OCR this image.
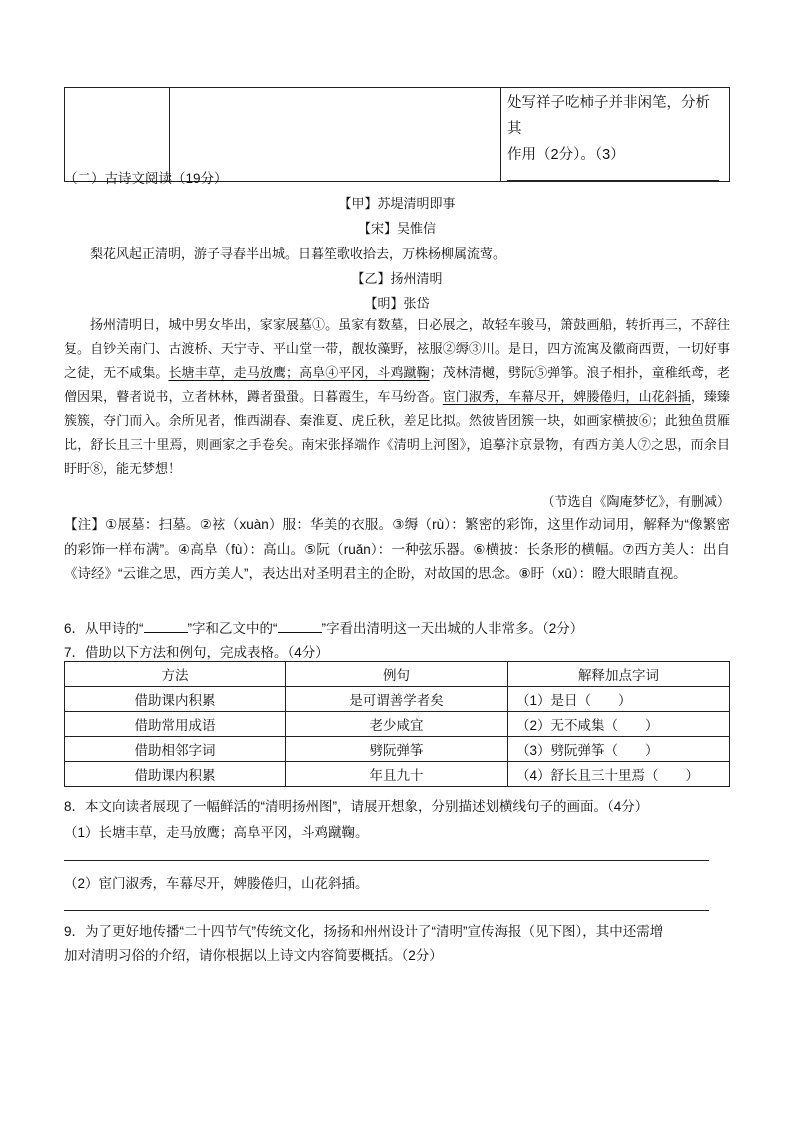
处写祥子吃柿子并非闲笔，分析其
作用（2分）。（3）
（二）古诗文阅读（19分）
【甲】苏堤清明即事
【宋】吴惟信
梨花风起正清明，游子寻春半出城。日暮笙歌收拾去，万株杨柳属流莺。
【乙】扬州清明
【明】张岱
扬州清明日，城中男女毕出，家家展墓①。虽家有数墓，日必展之，故轻车骏马，箫鼓画船，转折再三，不辞往复。自钞关南门、古渡桥、天宁寺、平山堂一带，靓妆藻野，袨服②缛③川。是日，四方流寓及徽商西贾，一切好事之徒，无不咸集。长塘丰草，走马放鹰；高阜④平冈，斗鸡蹴鞠；茂林清樾，劈阮⑤弹筝。浪子相扑，童稚纸鸢，老僧因果，瞽者说书，立者林林，蹲者蛩蛩。日暮霞生，车马纷沓。宦门淑秀，车幕尽开，婢媵倦归，山花斜插，臻臻簇簇，夺门而入。余所见者，惟西湖春、秦淮夏、虎丘秋，差足比拟。然彼皆团簇一块，如画家横披⑥；此独鱼贯雁比，舒长且三十里焉，则画家之手卷矣。南宋张择端作《清明上河图》，追摹汴京景物，有西方美人⑦之思，而余目盱盱⑧，能无梦想！
（节选自《陶庵梦忆》，有删减）
【注】①展墓：扫墓。②袨（xuàn）服：华美的衣服。③缛（rù）：繁密的彩饰，这里作动词用，解释为“像繁密的彩饰一样布满”。④高阜（fù）：高山。⑤阮（ruǎn）：一种弦乐器。⑥横披：长条形的横幅。⑦西方美人：出自《诗经》“云谁之思，西方美人”，表达出对圣明君主的企盼，对故国的思念。⑧盱（xū）：瞪大眼睛直视。
6．从甲诗的“	”字和乙文中的“	”字看出清明这一天出城的人非常多。（2分）
7．借助以下方法和例句，完成表格。（4分）
方法	例句	解释加点字词
借助课内积累	是可谓善学者矣	（1）是日（　　）
借助常用成语	老少咸宜	（2）无不咸集（　　）
借助相邻字词	劈阮弹筝	（3）劈阮弹筝（　　）
借助课内积累	年且九十	（4）舒长且三十里焉（　　）
8．本文向读者展现了一幅鲜活的“清明扬州图”，请展开想象，分别描述划横线句子的画面。（4分）
（1）长塘丰草，走马放鹰；高阜平冈，斗鸡蹴鞠。
（2）宦门淑秀，车幕尽开，婢媵倦归，山花斜插。
9．为了更好地传播“二十四节气”传统文化，扬扬和州州设计了“清明”宣传海报（见下图），其中还需增
加对清明习俗的介绍，请你根据以上诗文内容简要概括。（2分）
